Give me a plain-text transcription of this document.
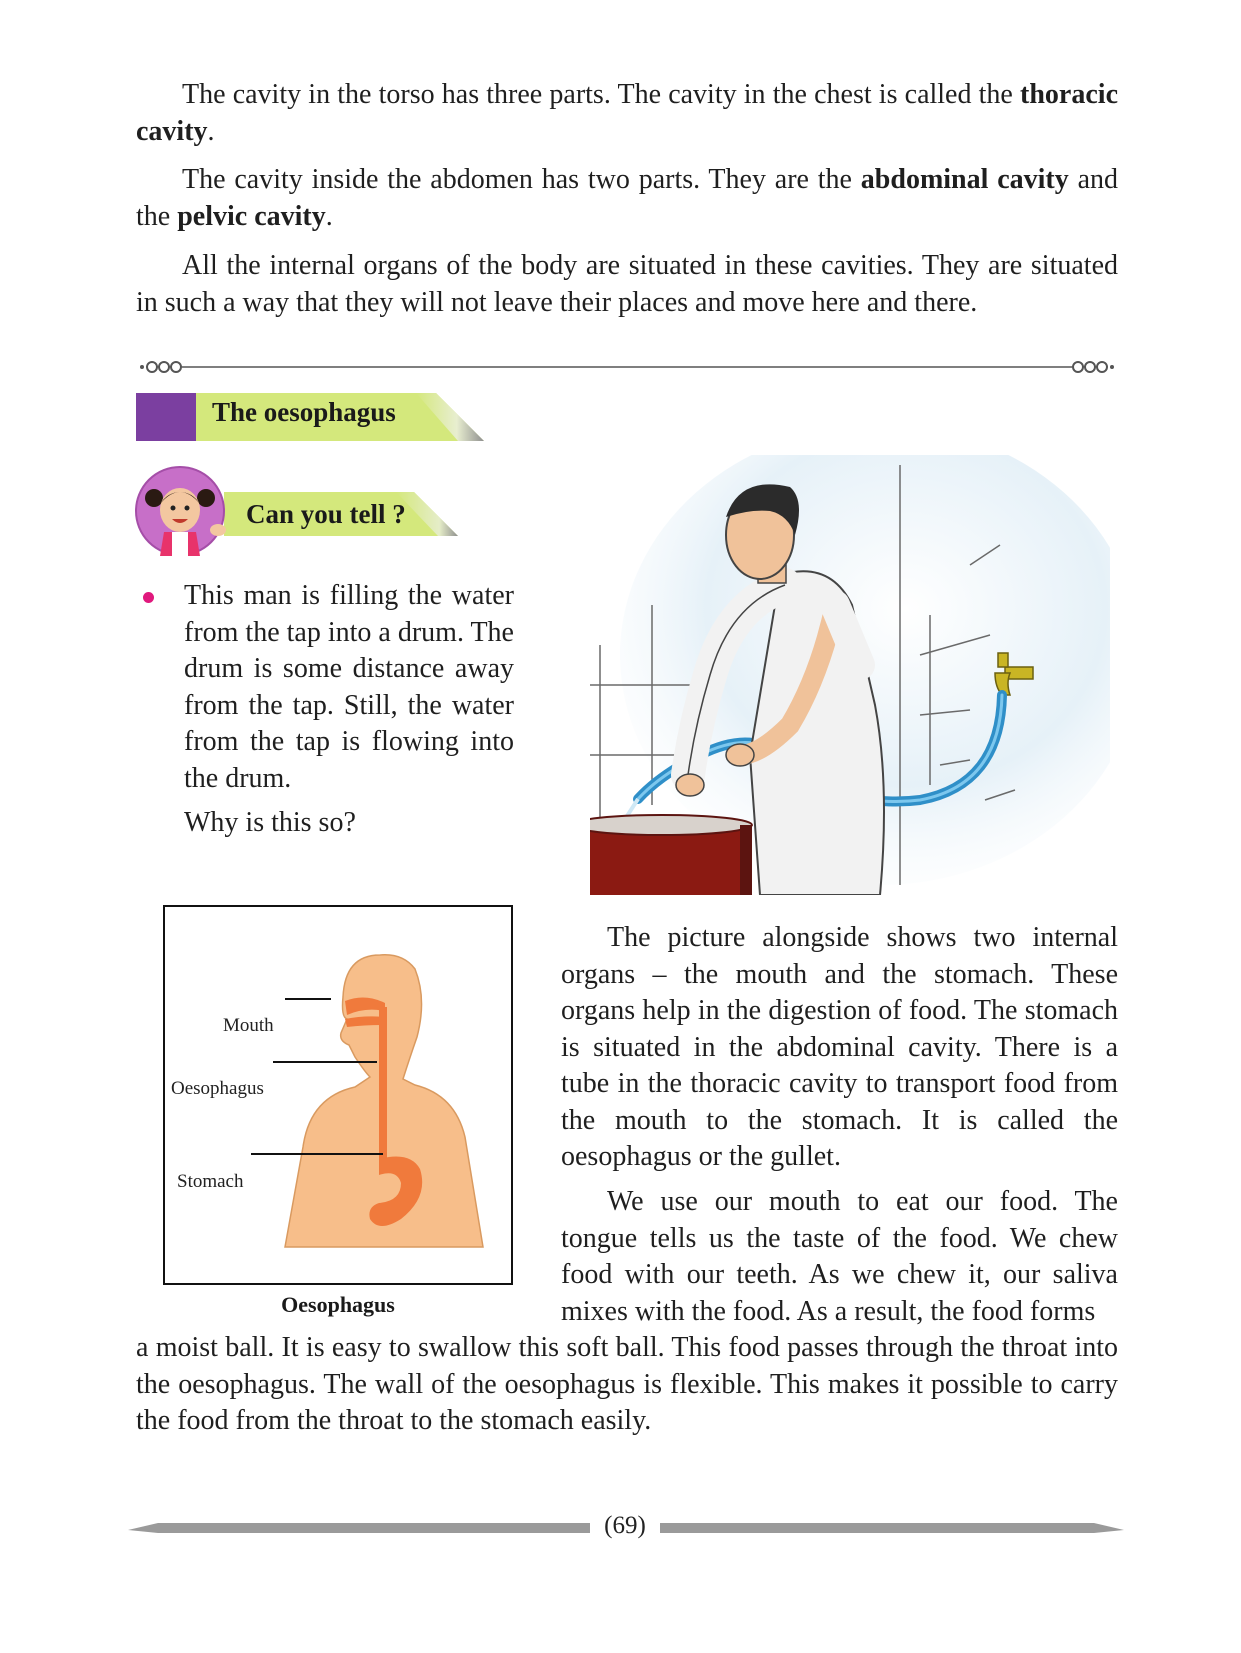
The cavity in the torso has three parts. The cavity in the chest is called the thoracic cavity.

The cavity inside the abdomen has two parts. They are the abdominal cavity and the pelvic cavity.

All the internal organs of the body are situated in these cavities. They are situated in such a way that they will not leave their places and move here and there.

The oesophagus
Can you tell ?

This man is filling the water from the tap into a drum. The drum is some distance away from the tap. Still, the water from the tap is flowing into the drum.

Why is this so?

Mouth
Oesophagus
Stomach
Oesophagus

The picture alongside shows two internal organs – the mouth and the stomach. These organs help in the digestion of food. The stomach is situated in the abdominal cavity. There is a tube in the thoracic cavity to transport food from the mouth to the stomach. It is called the oesophagus or the gullet.

We use our mouth to eat our food. The tongue tells us the taste of the food. We chew food with our teeth. As we chew it, our saliva mixes with the food. As a result, the food forms

a moist ball. It is easy to swallow this soft ball. This food passes through the throat into the oesophagus. The wall of the oesophagus is flexible. This makes it possible to carry the food from the throat to the stomach easily.

(69)
